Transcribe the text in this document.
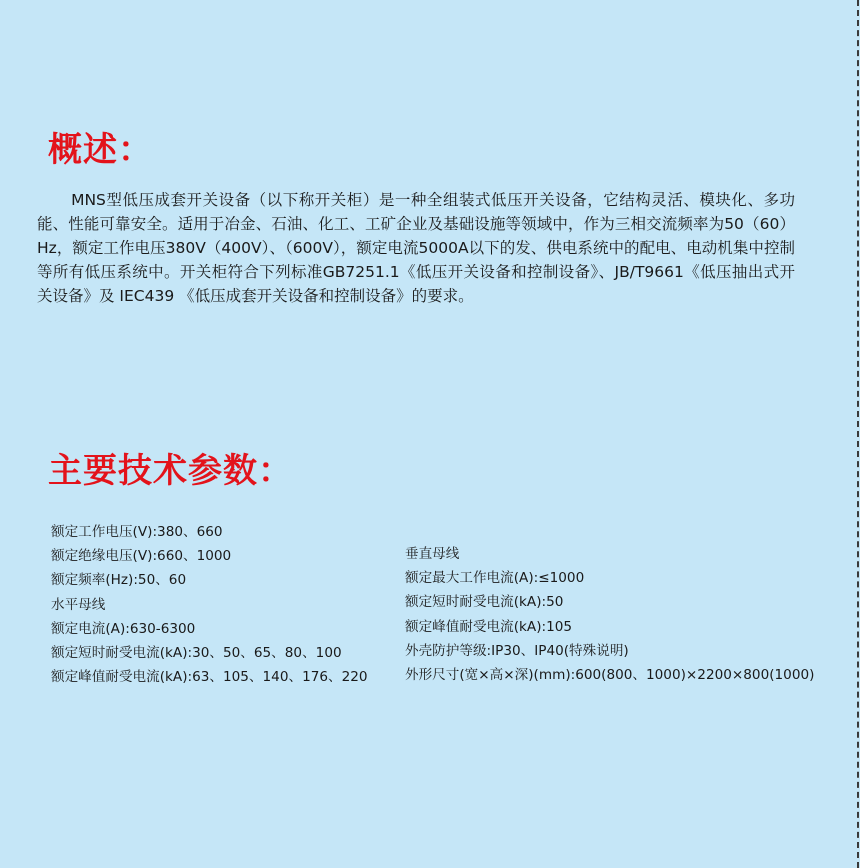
概述：

MNS型低压成套开关设备（以下称开关柜）是一种全组装式低压开关设备，它结构灵活、模块化、多功能、性能可靠安全。适用于冶金、石油、化工、工矿企业及基础设施等领域中，作为三相交流频率为50（60）Hz，额定工作电压380V（400V）、（600V），额定电流5000A以下的发、供电系统中的配电、电动机集中控制等所有低压系统中。开关柜符合下列标准GB7251.1《低压开关设备和控制设备》、JB/T9661《低压抽出式开关设备》及 IEC439 《低压成套开关设备和控制设备》的要求。

主要技术参数：
额定工作电压(V):380、660
额定绝缘电压(V):660、1000
额定频率(Hz):50、60
水平母线
额定电流(A):630-6300
额定短时耐受电流(kA):30、50、65、80、100
额定峰值耐受电流(kA):63、105、140、176、220
垂直母线
额定最大工作电流(A):≤1000
额定短时耐受电流(kA):50
额定峰值耐受电流(kA):105
外壳防护等级:IP30、IP40(特殊说明)
外形尺寸(宽×高×深)(mm):600(800、1000)×2200×800(1000)
